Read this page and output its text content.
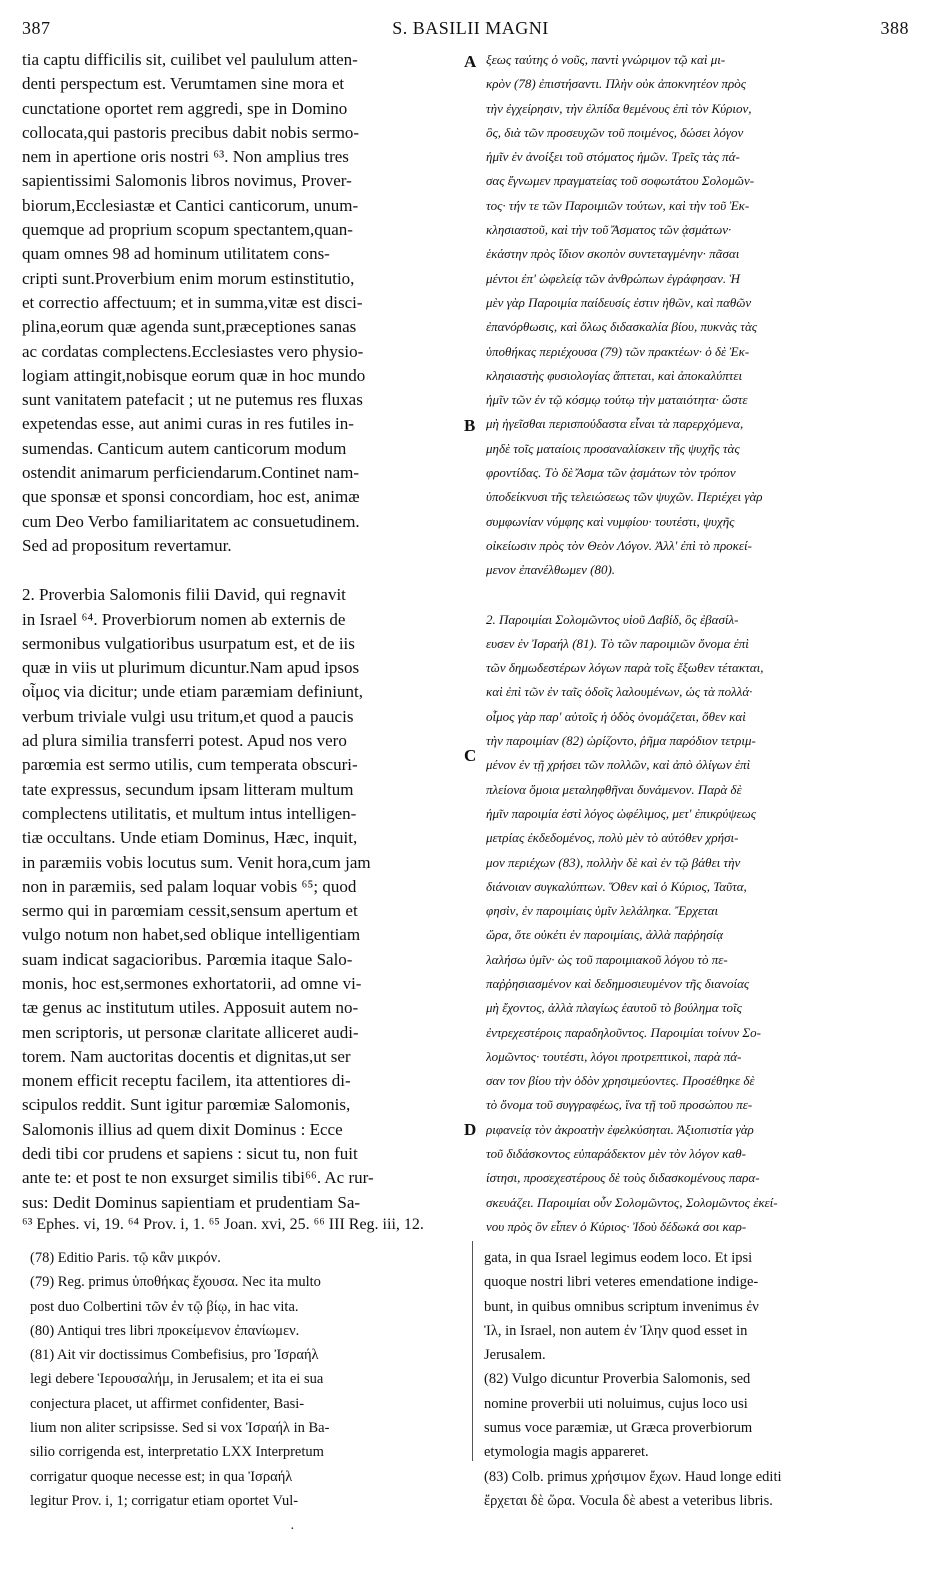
387	S. BASILII MAGNI	388
tia captu difficilis sit, cuilibet vel paululum atten-
denti perspectum est. Verumtamen sine mora et
cunctatione oportet rem aggredi, spe in Domino
collocata,qui pastoris precibus dabit nobis sermo-
nem in apertione oris nostri ⁶³. Non amplius tres
sapientissimi Salomonis libros novimus, Prover-
biorum,Ecclesiastæ et Cantici canticorum, unum-
quemque ad proprium scopum spectantem,quan-
quam omnes 98 ad hominum utilitatem cons-
cripti sunt.Proverbium enim morum estinstitutio,
et correctio affectuum; et in summa,vitæ est disci-
plina,eorum quæ agenda sunt,præceptiones sanas
ac cordatas complectens.Ecclesiastes vero physio-
logiam attingit,nobisque eorum quæ in hoc mundo
sunt vanitatem patefacit ; ut ne putemus res fluxas
expetendas esse, aut animi curas in res futiles in-
sumendas. Canticum autem canticorum modum
ostendit animarum perficiendarum.Continet nam-
que sponsæ et sponsi concordiam, hoc est, animæ
cum Deo Verbo familiaritatem ac consuetudinem.
Sed ad propositum revertamur.
2. Proverbia Salomonis filii David, qui regnavit
in Israel ⁶⁴. Proverbiorum nomen ab externis de
sermonibus vulgatioribus usurpatum est, et de iis
quæ in viis ut plurimum dicuntur.Nam apud ipsos
οἶμος via dicitur; unde etiam paræmiam definiunt,
verbum triviale vulgi usu tritum,et quod a paucis
ad plura similia transferri potest. Apud nos vero
parœmia est sermo utilis, cum temperata obscuri-
tate expressus, secundum ipsam litteram multum
complectens utilitatis, et multum intus intelligen-
tiæ occultans. Unde etiam Dominus, Hæc, inquit,
in paræmiis vobis locutus sum. Venit hora,cum jam
non in paræmiis, sed palam loquar vobis ⁶⁵; quod
sermo qui in parœmiam cessit,sensum apertum et
vulgo notum non habet,sed oblique intelligentiam
suam indicat sagacioribus. Parœmia itaque Salo-
monis, hoc est,sermones exhortatorii, ad omne vi-
tæ genus ac institutum utiles. Apposuit autem no-
men scriptoris, ut personæ claritate alliceret audi-
torem. Nam auctoritas docentis et dignitas,ut ser
monem efficit receptu facilem, ita attentiores di-
scipulos reddit. Sunt igitur parœmiæ Salomonis,
Salomonis illius ad quem dixit Dominus : Ecce
dedi tibi cor prudens et sapiens : sicut tu, non fuit
ante te: et post te non exsurget similis tibi⁶⁶. Ac rur-
sus: Dedit Dominus sapientiam et prudentiam Sa-
ξεως ταύτης ὁ νοῦς, παντὶ γνώριμον τῷ καὶ μι-
κρὸν (78) ἐπιστήσαντι. Πλὴν οὐκ ἀποκνητέον πρὸς
τὴν ἐγχείρησιν, τὴν ἐλπίδα θεμένους ἐπὶ τὸν Κύριον,
ὃς, διὰ τῶν προσευχῶν τοῦ ποιμένος, δώσει λόγον
ἡμῖν ἐν ἀνοίξει τοῦ στόματος ἡμῶν. Τρεῖς τὰς πά-
σας ἔγνωμεν πραγματείας τοῦ σοφωτάτου Σολομῶν-
τος· τήν τε τῶν Παροιμιῶν τούτων, καὶ τὴν τοῦ Ἐκ-
κλησιαστοῦ, καὶ τὴν τοῦ Ἄσματος τῶν ᾀσμάτων·
ἑκάστην πρὸς ἴδιον σκοπὸν συντεταγμένην· πᾶσαι
μέντοι ἐπ' ὠφελείᾳ τῶν ἀνθρώπων ἐγράφησαν. Ἡ
μὲν γὰρ Παροιμία παίδευσίς ἐστιν ἠθῶν, καὶ παθῶν
ἐπανόρθωσις, καὶ ὅλως διδασκαλία βίου, πυκνὰς τὰς
ὑποθήκας περιέχουσα (79) τῶν πρακτέων· ὁ δὲ Ἐκ-
κλησιαστὴς φυσιολογίας ἅπτεται, καὶ ἀποκαλύπτει
ἡμῖν τῶν ἐν τῷ κόσμῳ τούτῳ τὴν ματαιότητα· ὥστε
μὴ ἡγεῖσθαι περισπούδαστα εἶναι τὰ παρερχόμενα,
μηδὲ τοῖς ματαίοις προσαναλίσκειν τῆς ψυχῆς τὰς
φροντίδας. Τὸ δὲ Ἄσμα τῶν ᾀσμάτων τὸν τρόπον
ὑποδείκνυσι τῆς τελειώσεως τῶν ψυχῶν. Περιέχει γὰρ
συμφωνίαν νύμφης καὶ νυμφίου· τουτέστι, ψυχῆς
οἰκείωσιν πρὸς τὸν Θεὸν Λόγον. Ἀλλ' ἐπὶ τὸ προκεί-
μενον ἐπανέλθωμεν (80).
2. Παροιμίαι Σολομῶντος υἱοῦ Δαβίδ, ὃς ἐβασίλ-
ευσεν ἐν Ἰσραήλ (81). Τὸ τῶν παροιμιῶν ὄνομα ἐπὶ
τῶν δημωδεστέρων λόγων παρὰ τοῖς ἔξωθεν τέτακται,
καὶ ἐπὶ τῶν ἐν ταῖς ὁδοῖς λαλουμένων, ὡς τὰ πολλά·
οἶμος γὰρ παρ' αὐτοῖς ἡ ὁδὸς ὀνομάζεται, ὅθεν καὶ
τὴν παροιμίαν (82) ὡρίζοντο, ῥῆμα παρόδιον τετριμ-
μένον ἐν τῇ χρήσει τῶν πολλῶν, καὶ ἀπὸ ὀλίγων ἐπὶ
πλείονα ὅμοια μεταληφθῆναι δυνάμενον. Παρὰ δὲ
ἡμῖν παροιμία ἐστὶ λόγος ὠφέλιμος, μετ' ἐπικρύψεως
μετρίας ἐκδεδομένος, πολὺ μὲν τὸ αὐτόθεν χρήσι-
μον περιέχων (83), πολλὴν δὲ καὶ ἐν τῷ βάθει τὴν
διάνοιαν συγκαλύπτων. Ὅθεν καὶ ὁ Κύριος, Ταῦτα,
φησὶν, ἐν παροιμίαις ὑμῖν λελάληκα. Ἔρχεται
ὥρα, ὅτε οὐκέτι ἐν παροιμίαις, ἀλλὰ παῤῥησίᾳ
λαλήσω ὑμῖν· ὡς τοῦ παροιμιακοῦ λόγου τὸ πε-
παῤῥησιασμένον καὶ δεδημοσιευμένον τῆς διανοίας
μὴ ἔχοντος, ἀλλὰ πλαγίως ἑαυτοῦ τὸ βούλημα τοῖς
ἐντρεχεστέροις παραδηλοῦντος. Παροιμίαι τοίνυν Σο-
λομῶντος· τουτέστι, λόγοι προτρεπτικοὶ, παρὰ πά-
σαν τον βίου τὴν ὁδὸν χρησιμεύοντες. Προσέθηκε δὲ
τὸ ὄνομα τοῦ συγγραφέως, ἵνα τῇ τοῦ προσώπου πε-
ριφανείᾳ τὸν ἀκροατὴν ἐφελκύσηται. Ἀξιοπιστία γὰρ
τοῦ διδάσκοντος εὐπαράδεκτον μὲν τὸν λόγον καθ-
ίστησι, προσεχεστέρους δὲ τοὺς διδασκομένους παρα-
σκευάζει. Παροιμίαι οὖν Σολομῶντος, Σολομῶντος ἐκεί-
νου πρὸς ὃν εἶπεν ὁ Κύριος· Ἰδοὺ δέδωκά σοι καρ-
A
B
C
D
⁶³ Ephes. vi, 19. ⁶⁴ Prov. i, 1. ⁶⁵ Joan. xvi, 25. ⁶⁶ III Reg. iii, 12.
(78) Editio Paris. τῷ κἂν μικρόν.
(79) Reg. primus ὑποθήκας ἔχουσα. Nec ita multo
post duo Colbertini τῶν ἐν τῷ βίῳ, in hac vita.
(80) Antiqui tres libri προκείμενον ἐπανίωμεν.
(81) Ait vir doctissimus Combefisius, pro Ἰσραήλ
legi debere Ἱερουσαλήμ, in Jerusalem; et ita ei sua
conjectura placet, ut affirmet confidenter, Basi-
lium non aliter scripsisse. Sed si vox Ἰσραήλ in Ba-
silio corrigenda est, interpretatio LXX Interpretum
corrigatur quoque necesse est; in qua Ἰσραήλ
legitur Prov. i, 1; corrigatur etiam oportet Vul-
gata, in qua Israel legimus eodem loco. Et ipsi
quoque nostri libri veteres emendatione indige-
bunt, in quibus omnibus scriptum invenimus ἐν
Ἰλ, in Israel, non autem ἐν Ἰλην quod esset in
Jerusalem.
(82) Vulgo dicuntur Proverbia Salomonis, sed
nomine proverbii uti noluimus, cujus loco usi
sumus voce paræmiæ, ut Græca proverbiorum
etymologia magis appareret.
(83) Colb. primus χρήσιμον ἔχων. Haud longe editi
ἔρχεται δὲ ὥρα. Vocula δὲ abest a veteribus libris.
·
